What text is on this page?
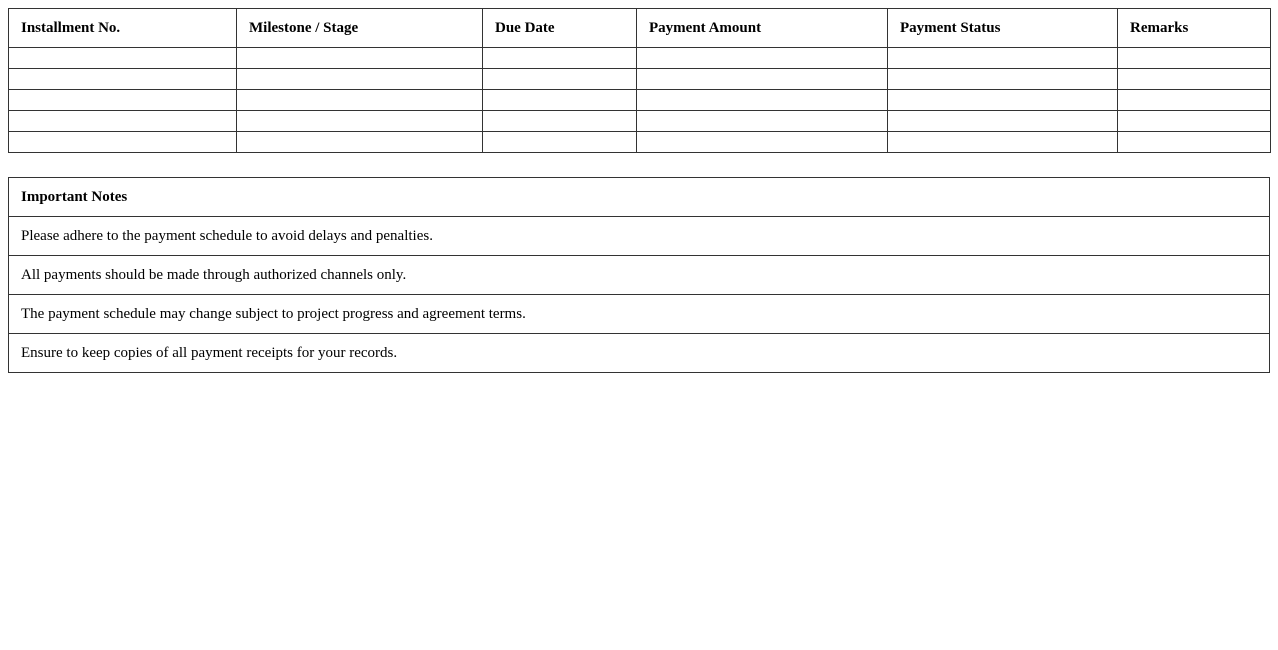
Installment No.	Milestone / Stage	Due Date	Payment Amount	Payment Status	Remarks

Important Notes
Please adhere to the payment schedule to avoid delays and penalties.
All payments should be made through authorized channels only.
The payment schedule may change subject to project progress and agreement terms.
Ensure to keep copies of all payment receipts for your records.
